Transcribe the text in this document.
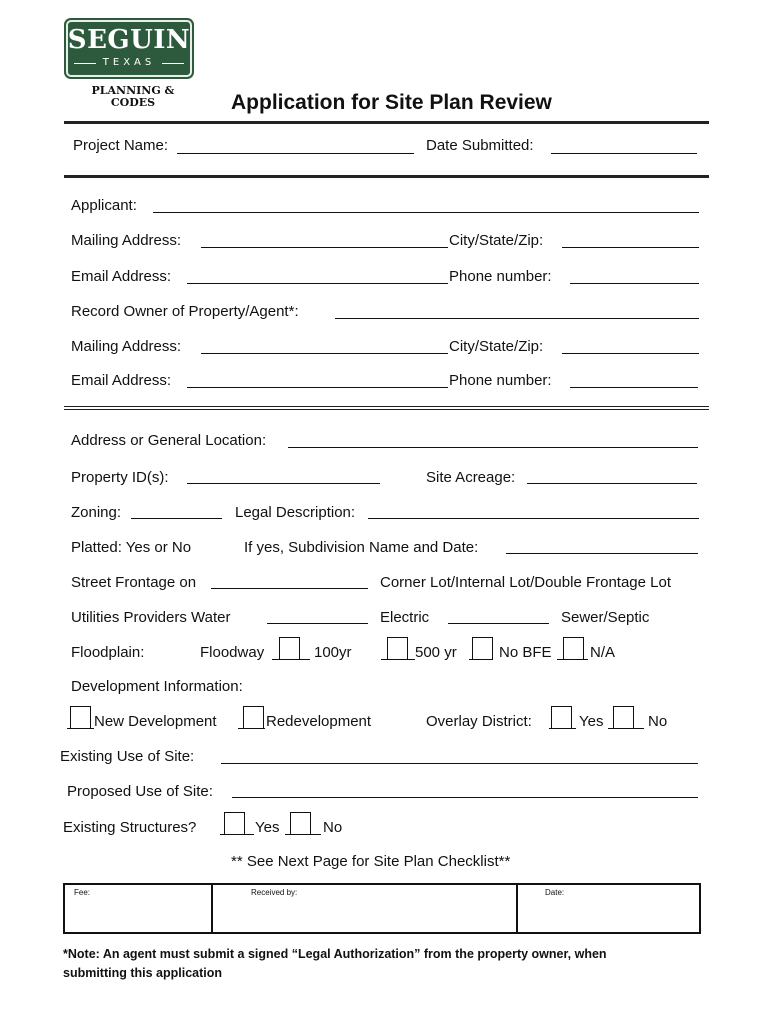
SEGUIN
TEXAS
PLANNING &
CODES	Application for Site Plan Review
Project Name:	Date Submitted:
Applicant:
Mailing Address:	City/State/Zip:
Email Address:	Phone number:
Record Owner of Property/Agent*:
Mailing Address:	City/State/Zip:
Email Address:	Phone number:
Address or General Location:
Property ID(s):	Site Acreage:
Zoning:	Legal Description:
Platted: Yes or No	If yes, Subdivision Name and Date:
Street Frontage on	Corner Lot/Internal Lot/Double Frontage Lot
Utilities Providers Water	Electric	Sewer/Septic
Floodplain:	Floodway	100yr	500 yr	No BFE	N/A
Development Information:
New Development	Redevelopment	Overlay District:	Yes	No
Existing Use of Site:
Proposed Use of Site:
Existing Structures?	Yes	No
** See Next Page for Site Plan Checklist**
Fee:	Received by:	Date:
*Note: An agent must submit a signed “Legal Authorization” from the property owner, when
submitting this application
